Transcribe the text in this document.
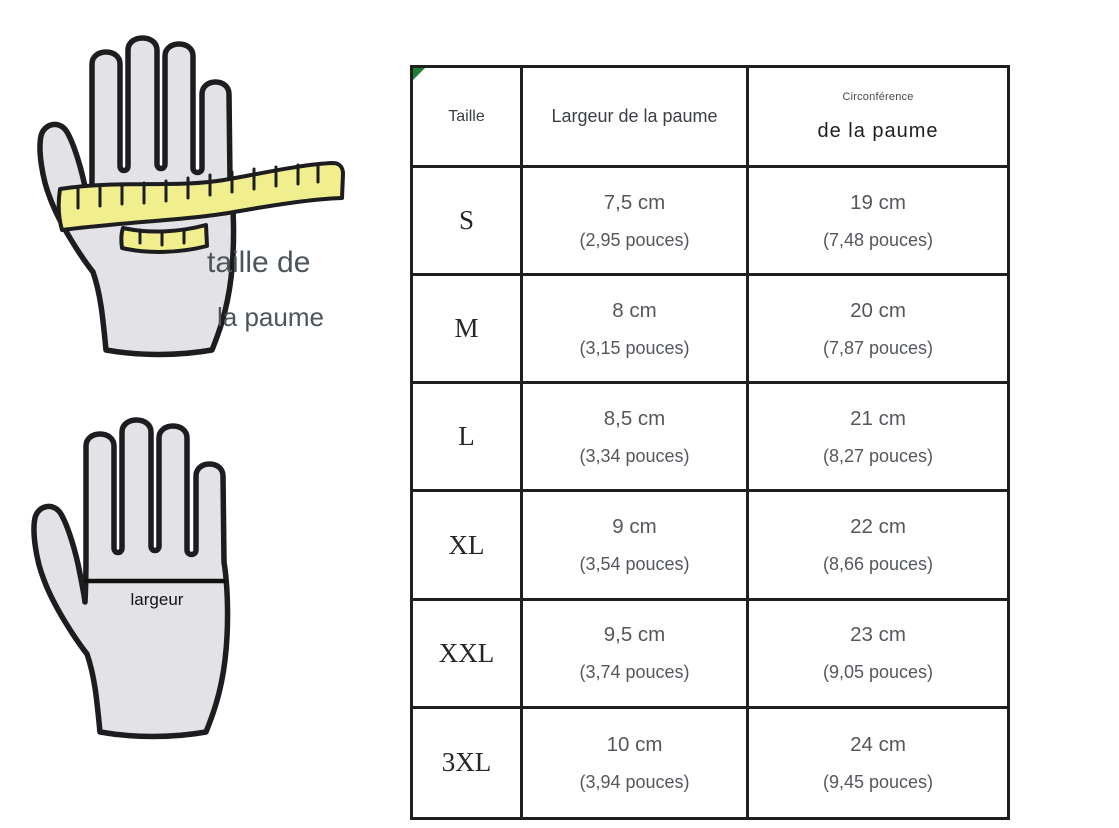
taille de
la paume
largeur
Taille	Largeur de la paume
Circonférence
de la paume
S
7,5 cm
(2,95 pouces)
19 cm
(7,48 pouces)
M
8 cm
(3,15 pouces)
20 cm
(7,87 pouces)
L
8,5 cm
(3,34 pouces)
21 cm
(8,27 pouces)
XL
9 cm
(3,54 pouces)
22 cm
(8,66 pouces)
XXL
9,5 cm
(3,74 pouces)
23 cm
(9,05 pouces)
3XL
10 cm
(3,94 pouces)
24 cm
(9,45 pouces)
